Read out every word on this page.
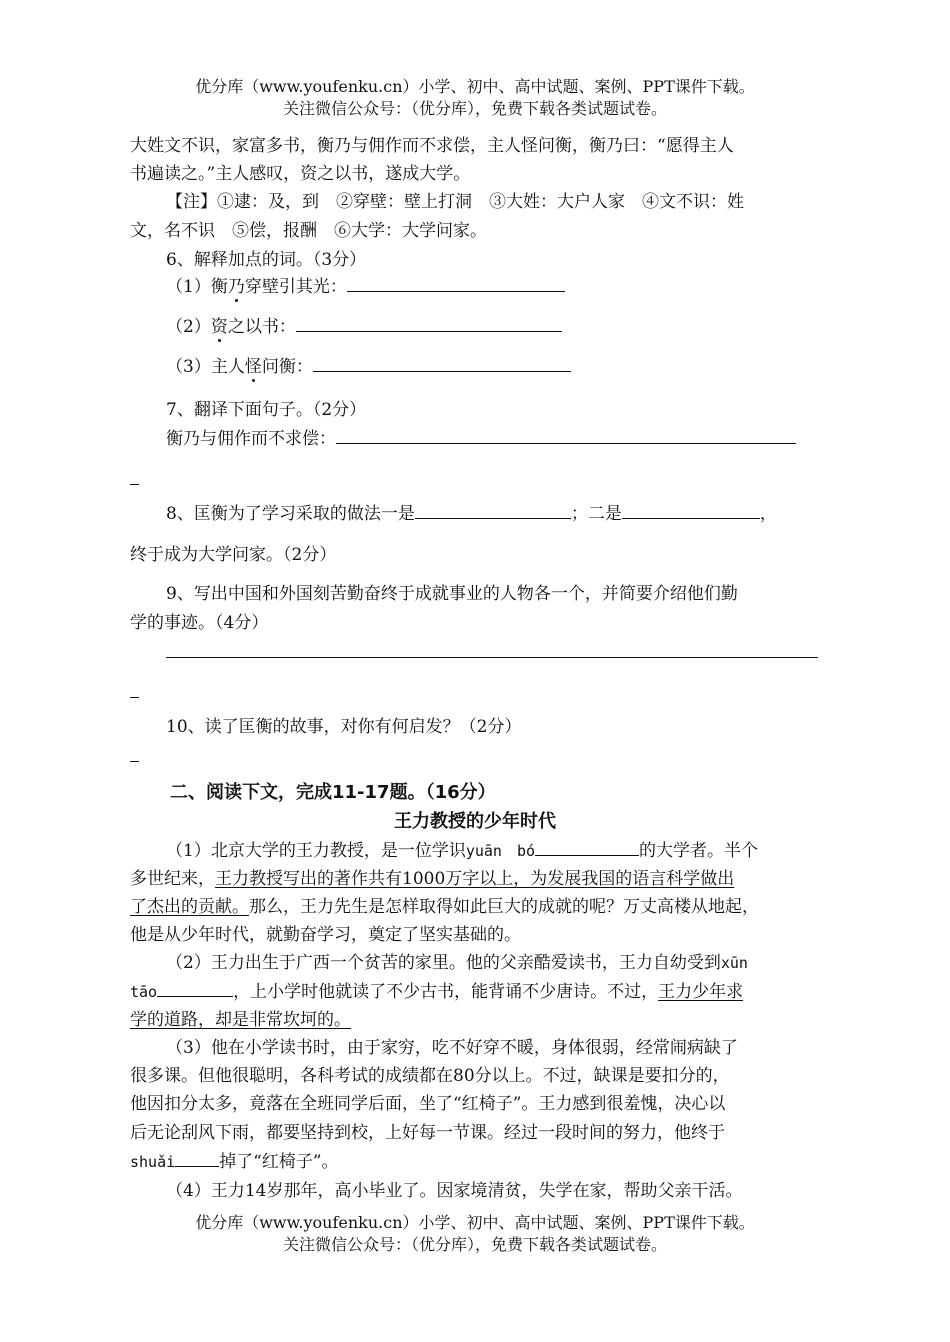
优分库（www.youfenku.cn）小学、初中、高中试题、案例、PPT课件下载。
关注微信公众号：（优分库），免费下载各类试题试卷。
大姓文不识，家富多书，衡乃与佣作而不求偿，主人怪问衡，衡乃曰：“愿得主人
书遍读之。”主人感叹，资之以书，遂成大学。
【注】①逮：及，到　②穿壁：壁上打洞　③大姓：大户人家　④文不识：姓
文，名不识　⑤偿，报酬　⑥大学：大学问家。
6、解释加点的词。（3分）
（1）衡乃穿壁引其光：
（2）资之以书：
（3）主人怪问衡：
7、翻译下面句子。（2分）
衡乃与佣作而不求偿：
8、匡衡为了学习采取的做法一是	；二是	，
终于成为大学问家。（2分）
9、写出中国和外国刻苦勤奋终于成就事业的人物各一个，并简要介绍他们勤
学的事迹。（4分）
10、读了匡衡的故事，对你有何启发？（2分）
二、阅读下文，完成11-17题。（16分）
王力教授的少年时代
（1）北京大学的王力教授，是一位学识yuān　bó	的大学者。半个
多世纪来，王力教授写出的著作共有1000万字以上，为发展我国的语言科学做出
了杰出的贡献。那么，王力先生是怎样取得如此巨大的成就的呢？万丈高楼从地起，
他是从少年时代，就勤奋学习，奠定了坚实基础的。
（2）王力出生于广西一个贫苦的家里。他的父亲酷爱读书，王力自幼受到xūn
tāo	，上小学时他就读了不少古书，能背诵不少唐诗。不过，王力少年求
学的道路，却是非常坎坷的。
（3）他在小学读书时，由于家穷，吃不好穿不暖，身体很弱，经常闹病缺了
很多课。但他很聪明，各科考试的成绩都在80分以上。不过，缺课是要扣分的，
他因扣分太多，竟落在全班同学后面，坐了“红椅子”。王力感到很羞愧，决心以
后无论刮风下雨，都要坚持到校，上好每一节课。经过一段时间的努力，他终于
shuǎi	掉了“红椅子”。
（4）王力14岁那年，高小毕业了。因家境清贫，失学在家，帮助父亲干活。
优分库（www.youfenku.cn）小学、初中、高中试题、案例、PPT课件下载。
关注微信公众号：（优分库），免费下载各类试题试卷。
